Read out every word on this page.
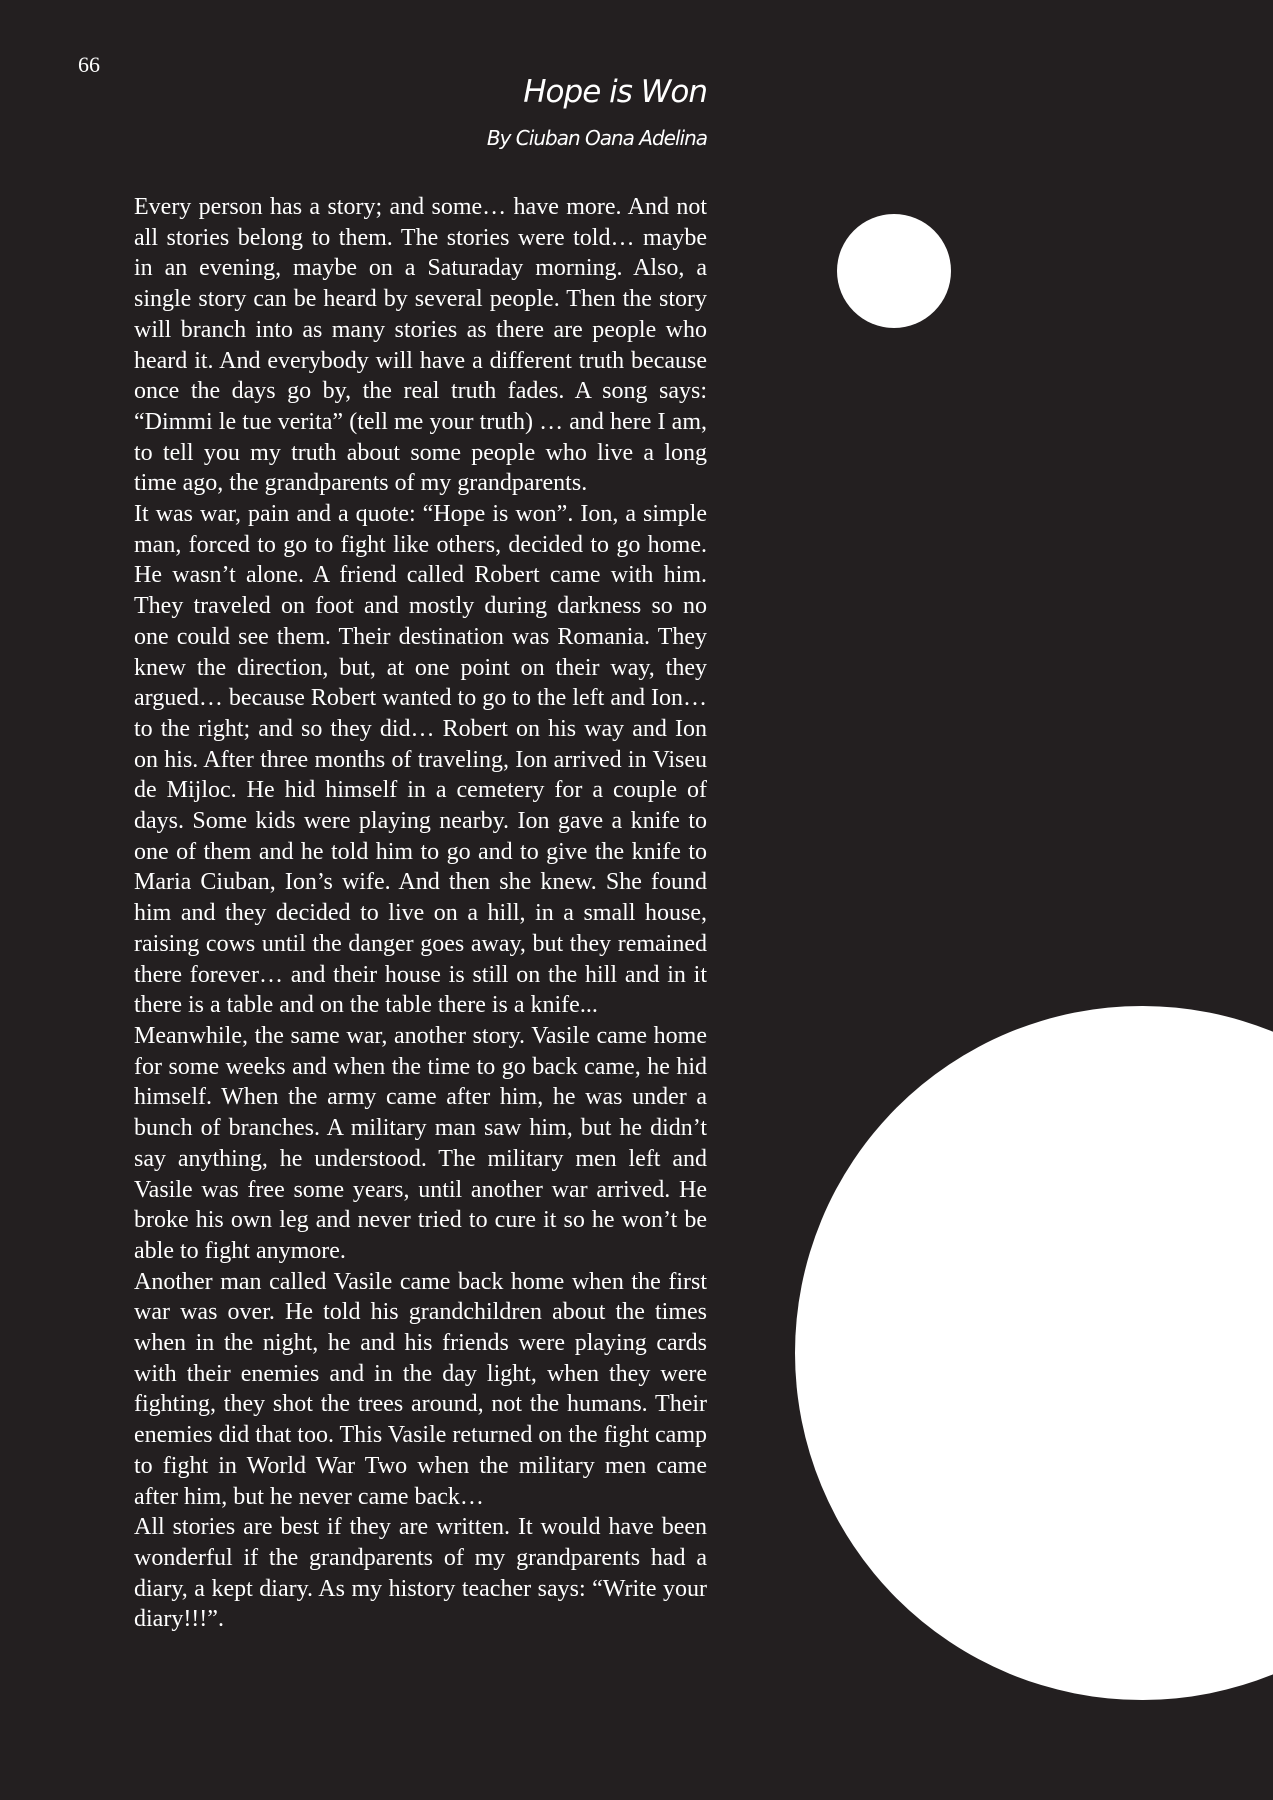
66
Hope is Won
By Ciuban Oana Adelina

Every person has a story; and some… have more. And not all stories belong to them. The stories were told… maybe in an evening, maybe on a Saturaday morning. Also, a single story can be heard by several people. Then the story will branch into as many stories as there are people who heard it. And everybody will have a different truth because once the days go by, the real truth fades. A song says: “Dimmi le tue verita” (tell me your truth) … and here I am, to tell you my truth about some people who live a long time ago, the grandparents of my grandparents.

It was war, pain and a quote: “Hope is won”. Ion, a simple man, forced to go to fight like others, decided to go home. He wasn’t alone. A friend called Robert came with him. They traveled on foot and mostly during darkness so no one could see them. Their destination was Romania. They knew the direction, but, at one point on their way, they argued… because Robert wanted to go to the left and Ion… to the right; and so they did… Robert on his way and Ion on his. After three months of traveling, Ion arrived in Viseu de Mijloc. He hid himself in a cemetery for a couple of days. Some kids were playing nearby. Ion gave a knife to one of them and he told him to go and to give the knife to Maria Ciuban, Ion’s wife. And then she knew. She found him and they decided to live on a hill, in a small house, raising cows until the danger goes away, but they remained there forever… and their house is still on the hill and in it there is a table and on the table there is a knife...

Meanwhile, the same war, another story. Vasile came home for some weeks and when the time to go back came, he hid himself. When the army came after him, he was under a bunch of branches. A military man saw him, but he didn’t say anything, he understood. The military men left and Vasile was free some years, until another war arrived. He broke his own leg and never tried to cure it so he won’t be able to fight anymore.

Another man called Vasile came back home when the first war was over. He told his grandchildren about the times when in the night, he and his friends were playing cards with their enemies and in the day light, when they were fighting, they shot the trees around, not the humans. Their enemies did that too. This Vasile returned on the fight camp to fight in World War Two when the military men came after him, but he never came back…

All stories are best if they are written. It would have been wonderful if the grandparents of my grandparents had a diary, a kept diary. As my history teacher says: “Write your diary!!!”.
